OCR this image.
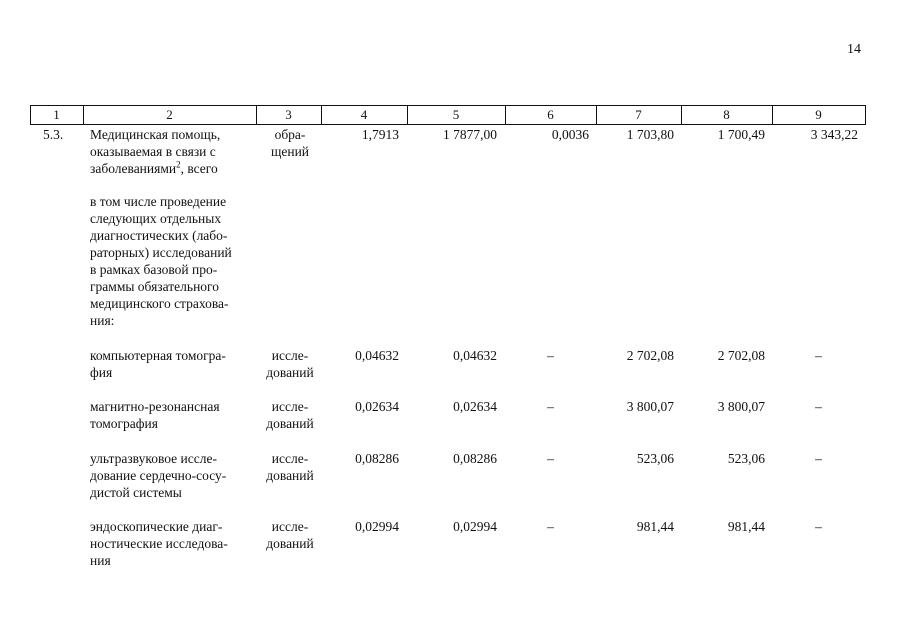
14
1	2	3	4	5	6	7	8	9
5.3. Медицинская помощь,
оказываемая в связи с
заболеваниями$^2$, всего
обра-
щений
1,7913	1 7877,00	0,0036	1 703,80	1 700,49	3 343,22
в том числе проведение
следующих отдельных
диагностических (лабо-
раторных) исследований
в рамках базовой про-
граммы обязательного
медицинского страхова-
ния:
компьютерная томогра-
фия
иссле-
дований
0,04632	0,04632	–	2 702,08	2 702,08	–
магнитно-резонансная
томография
иссле-
дований
0,02634	0,02634	–	3 800,07	3 800,07	–
ультразвуковое иссле-
дование сердечно-сосу-
дистой системы
иссле-
дований
0,08286	0,08286	–	523,06	523,06	–
эндоскопические диаг-
ностические исследова-
ния
иссле-
дований
0,02994	0,02994	–	981,44	981,44	–
